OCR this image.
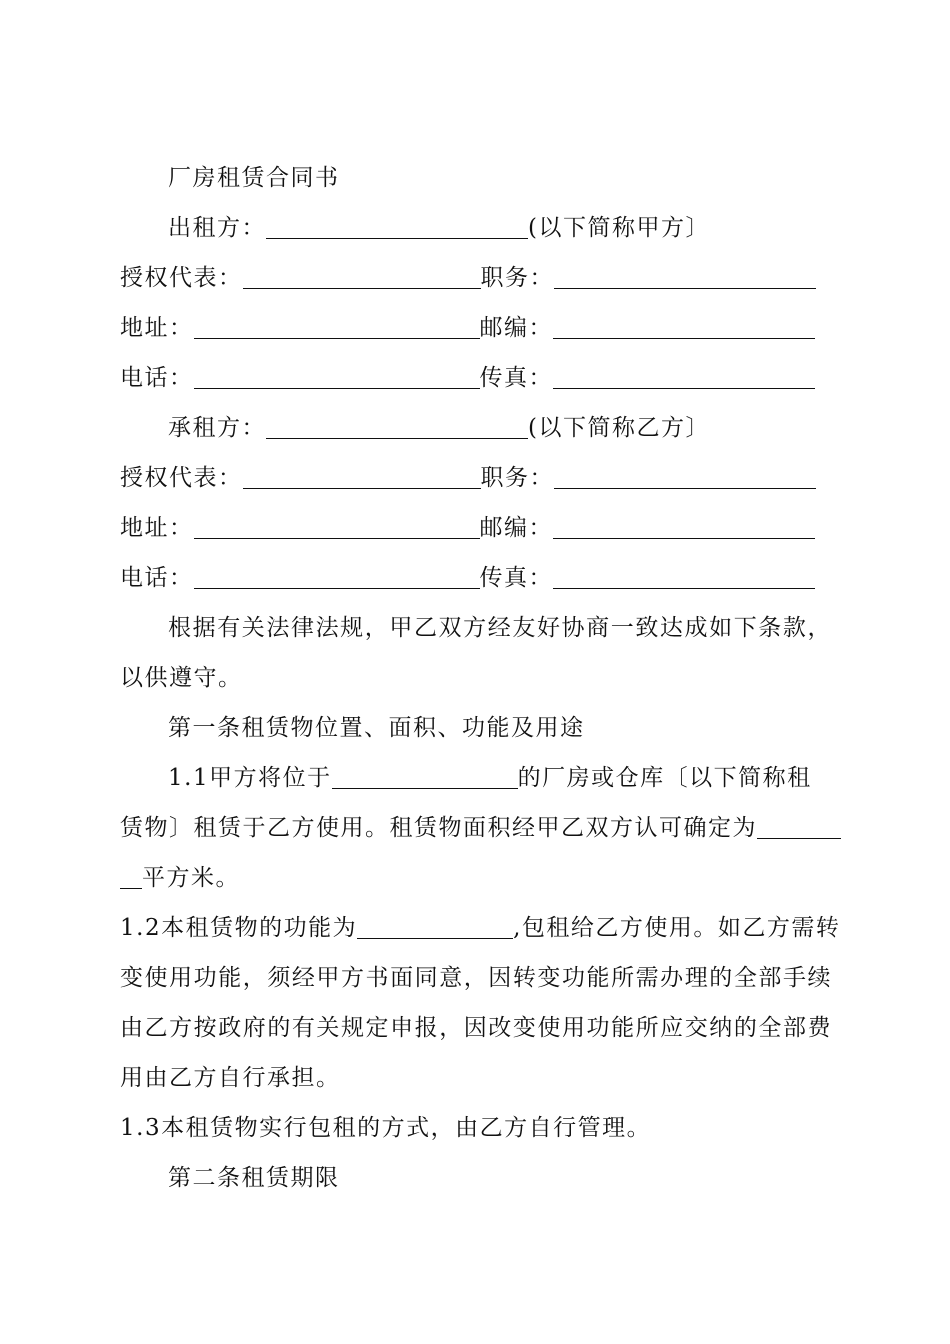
厂房租赁合同书
出租方：	(以下简称甲方〕
授权代表：	职务：
地址：	邮编：
电话：	传真：
承租方：	(以下简称乙方〕
授权代表：	职务：
地址：	邮编：
电话：	传真：
根据有关法律法规，甲乙双方经友好协商一致达成如下条款，
以供遵守。
第一条租赁物位置、面积、功能及用途
1.1甲方将位于	的厂房或仓库〔以下简称租
赁物〕租赁于乙方使用。租赁物面积经甲乙双方认可确定为
平方米。
1.2本租赁物的功能为	,包租给乙方使用。如乙方需转
变使用功能，须经甲方书面同意，因转变功能所需办理的全部手续
由乙方按政府的有关规定申报，因改变使用功能所应交纳的全部费
用由乙方自行承担。
1.3本租赁物实行包租的方式，由乙方自行管理。
第二条租赁期限
